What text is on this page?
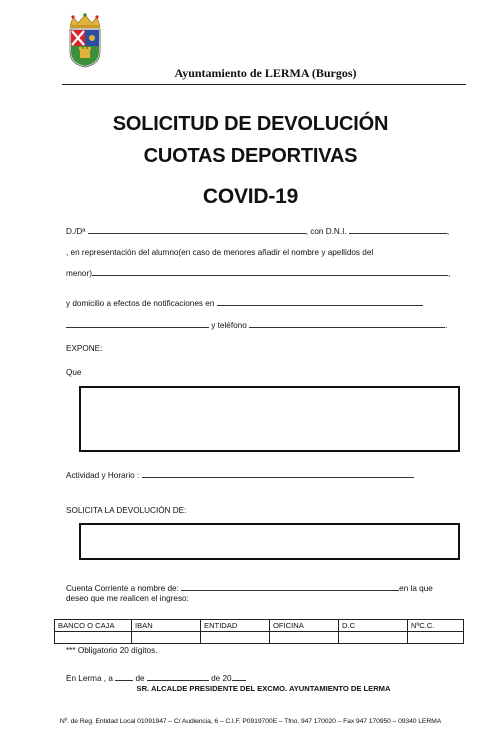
Ayuntamiento de LERMA (Burgos)
SOLICITUD DE DEVOLUCIÓN
CUOTAS DEPORTIVAS
COVID-19
D./Dª	, con D.N.I.	,
, en representación del alumno(en caso de menores añadir el nombre y apellidos del
menor)	,
y domicilio a efectos de notificaciones en
y teléfono	.
EXPONE:
Que
Actividad y Horario :
SOLICITA LA DEVOLUCIÓN DE:
Cuenta Corriente a nombre de:	en la que
deseo que me realicen el ingreso:
BANCO O CAJA	IBAN	ENTIDAD	OFICINA	D.C	NºC.C.

*** Obligatorio 20 dígitos.
En Lerma , a	de	de 20
SR. ALCALDE PRESIDENTE DEL EXCMO. AYUNTAMIENTO DE LERMA
Nº. de Reg. Entidad Local 01091947 – C/ Audiencia, 6 – C.I.F. P0919700E – Tfno. 947 170020 – Fax 947 170950 – 09340 LERMA
